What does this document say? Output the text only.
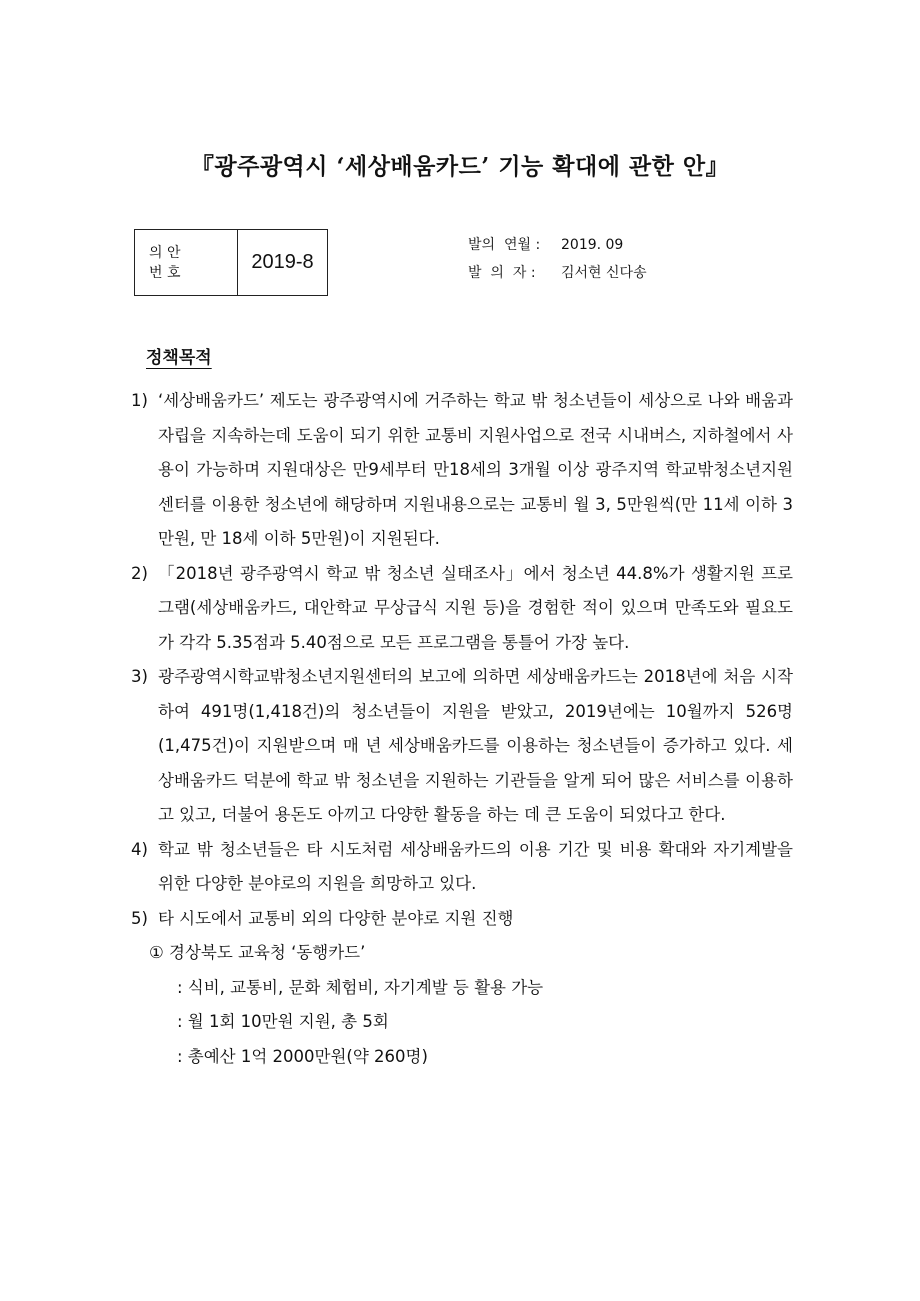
『광주광역시 ‘세상배움카드’ 기능 확대에 관한 안』
의 안
번 호	2019-8
발의  연월 :	2019. 09
발  의  자 :	김서현 신다송
정책목적
1) ‘세상배움카드’ 제도는 광주광역시에 거주하는 학교 밖 청소년들이 세상으로 나와 배움과 자립을 지속하는데 도움이 되기 위한 교통비 지원사업으로 전국 시내버스, 지하철에서 사용이 가능하며 지원대상은 만9세부터 만18세의 3개월 이상 광주지역 학교밖청소년지원센터를 이용한 청소년에 해당하며 지원내용으로는 교통비 월 3, 5만원씩(만 11세 이하 3만원, 만 18세 이하 5만원)이 지원된다.
2) 「2018년 광주광역시 학교 밖 청소년 실태조사」에서 청소년 44.8%가 생활지원 프로그램(세상배움카드, 대안학교 무상급식 지원 등)을 경험한 적이 있으며 만족도와 필요도가 각각 5.35점과 5.40점으로 모든 프로그램을 통틀어 가장 높다.
3) 광주광역시학교밖청소년지원센터의 보고에 의하면 세상배움카드는 2018년에 처음 시작하여 491명(1,418건)의 청소년들이 지원을 받았고, 2019년에는 10월까지 526명(1,475건)이 지원받으며 매 년 세상배움카드를 이용하는 청소년들이 증가하고 있다. 세상배움카드 덕분에 학교 밖 청소년을 지원하는 기관들을 알게 되어 많은 서비스를 이용하고 있고, 더불어 용돈도 아끼고 다양한 활동을 하는 데 큰 도움이 되었다고 한다.
4) 학교 밖 청소년들은 타 시도처럼 세상배움카드의 이용 기간 및 비용 확대와 자기계발을 위한 다양한 분야로의 지원을 희망하고 있다.
5) 타 시도에서 교통비 외의 다양한 분야로 지원 진행
① 경상북도 교육청 ‘동행카드’
: 식비, 교통비, 문화 체험비, 자기계발 등 활용 가능
: 월 1회 10만원 지원, 총 5회
: 총예산 1억 2000만원(약 260명)
